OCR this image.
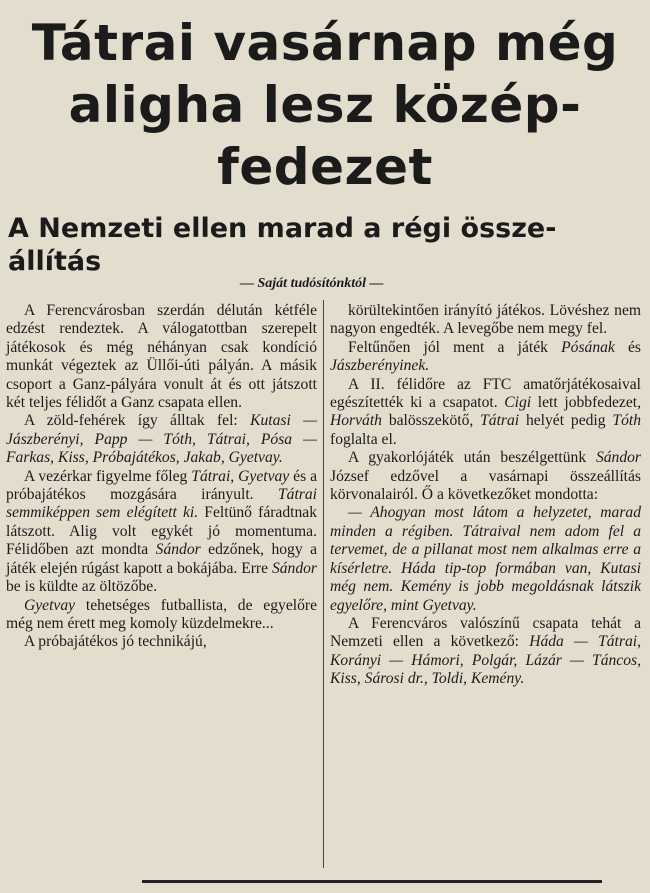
Tátrai vasárnap még
aligha lesz közép-
fedezet
A Nemzeti ellen marad a régi össze-
állítás
— Saját tudósítónktól —

A Ferencvárosban szerdán délután kétféle edzést rendeztek. A válogatottban szerepelt játékosok és még néhányan csak kondíció munkát végeztek az Üllői-úti pályán. A másik csoport a Ganz-pályára vonult át és ott játszott két teljes félidőt a Ganz csapata ellen.

A zöld-fehérek így álltak fel: Kutasi — Jászberényi, Papp — Tóth, Tátrai, Pósa — Farkas, Kiss, Próbajátékos, Jakab, Gyetvay.

A vezérkar figyelme főleg Tátrai, Gyetvay és a próbajátékos mozgására irányult. Tátrai semmiképpen sem elégített ki. Feltünő fáradtnak látszott. Alig volt egykét jó momentuma. Félidőben azt mondta Sándor edzőnek, hogy a játék elején rúgást kapott a bokájába. Erre Sándor be is küldte az öltözőbe.

Gyetvay tehetséges futballista, de egyelőre még nem érett meg komoly küzdelmekre...

A próbajátékos jó technikájú,

körültekintően irányító játékos. Lövéshez nem nagyon engedték. A levegőbe nem megy fel.

Feltűnően jól ment a játék Pósának és Jászberényinek.

A II. félidőre az FTC amatőrjátékosaival egészítették ki a csapatot. Cigi lett jobbfedezet, Horváth balösszekötő, Tátrai helyét pedig Tóth foglalta el.

A gyakorlójáték után beszélgettünk Sándor József edzővel a vasárnapi összeállítás körvonalairól. Ő a következőket mondotta:

— Ahogyan most látom a helyzetet, marad minden a régiben. Tátraival nem adom fel a tervemet, de a pillanat most nem alkalmas erre a kísérletre. Háda tip-top formában van, Kutasi még nem. Kemény is jobb megoldásnak látszik egyelőre, mint Gyetvay.

A Ferencváros valószínű csapata tehát a Nemzeti ellen a következő: Háda — Tátrai, Korányi — Hámori, Polgár, Lázár — Táncos, Kiss, Sárosi dr., Toldi, Kemény.
